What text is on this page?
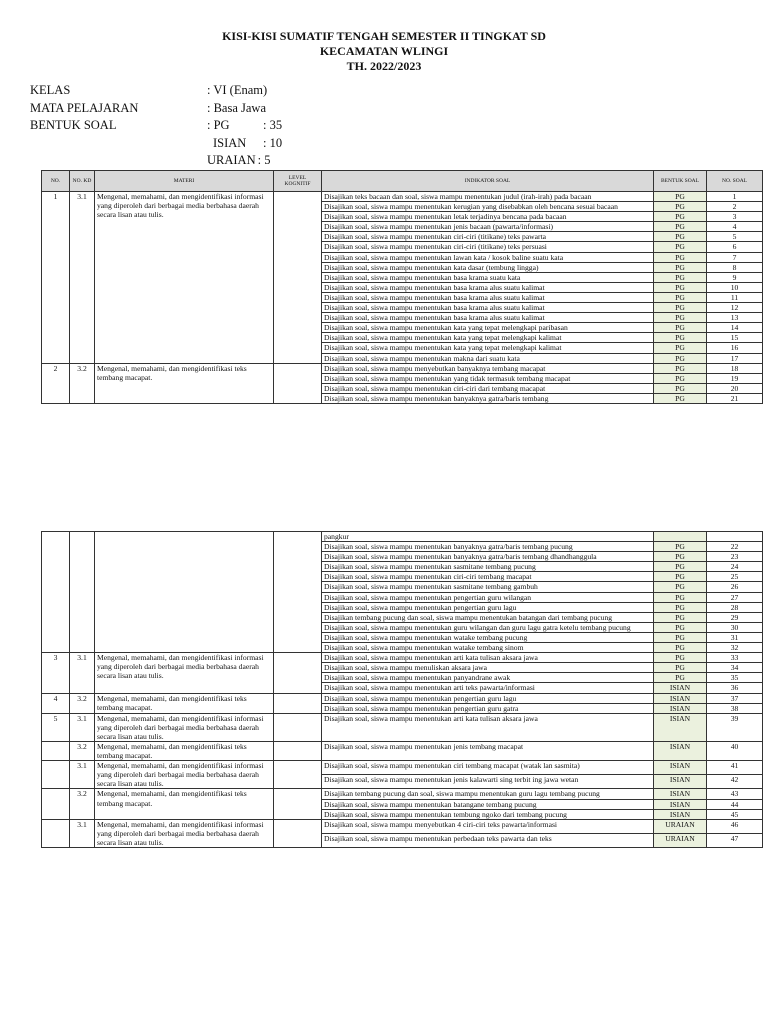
KISI-KISI SUMATIF TENGAH SEMESTER II TINGKAT SD
KECAMATAN WLINGI
TH. 2022/2023
KELAS	: VI (Enam)
MATA PELAJARAN	: Basa Jawa
BENTUK SOAL	: PG	: 35
ISIAN	: 10
URAIAN : 5
NO.	NO. KD	MATERI	LEVEL KOGNITIF	INDIKATOR SOAL	BENTUK SOAL	NO. SOAL
1	3.1	Mengenal, memahami, dan mengidentifikasi informasi yang diperoleh dari berbagai media berbahasa daerah secara lisan atau tulis.		Disajikan teks bacaan dan soal, siswa mampu menentukan judul (irah-irah) pada bacaan	PG	1
				Disajikan soal, siswa mampu menentukan kerugian yang disebabkan oleh bencana sesuai bacaan	PG	2
				Disajikan soal, siswa mampu menentukan letak terjadinya bencana pada bacaan	PG	3
				Disajikan soal, siswa mampu menentukan jenis bacaan (pawarta/informasi)	PG	4
				Disajikan soal, siswa mampu menentukan ciri-ciri (titikane) teks pawarta	PG	5
				Disajikan soal, siswa mampu menentukan ciri-ciri (titikane) teks persuasi	PG	6
				Disajikan soal, siswa mampu menentukan lawan kata / kosok baline suatu kata	PG	7
				Disajikan soal, siswa mampu menentukan kata dasar (tembung lingga)	PG	8
				Disajikan soal, siswa mampu menentukan basa krama suatu kata	PG	9
				Disajikan soal, siswa mampu menentukan basa krama alus suatu kalimat	PG	10
				Disajikan soal, siswa mampu menentukan basa krama alus suatu kalimat	PG	11
				Disajikan soal, siswa mampu menentukan basa krama alus suatu kalimat	PG	12
				Disajikan soal, siswa mampu menentukan basa krama alus suatu kalimat	PG	13
				Disajikan soal, siswa mampu menentukan kata yang tepat melengkapi paribasan	PG	14
				Disajikan soal, siswa mampu menentukan kata yang tepat melengkapi kalimat	PG	15
				Disajikan soal, siswa mampu menentukan kata yang tepat melengkapi kalimat	PG	16
				Disajikan soal, siswa mampu menentukan makna dari suatu kata	PG	17
2	3.2	Mengenal, memahami, dan mengidentifikasi teks tembang macapat.		Disajikan soal, siswa mampu menyebutkan banyaknya tembang macapat	PG	18
				Disajikan soal, siswa mampu menentukan yang tidak termasuk tembang macapat	PG	19
				Disajikan soal, siswa mampu menentukan ciri-ciri dari tembang macapat	PG	20
				Disajikan soal, siswa mampu menentukan banyaknya gatra/baris tembang	PG	21
				pangkur		
				Disajikan soal, siswa mampu menentukan banyaknya gatra/baris tembang pucung	PG	22
				Disajikan soal, siswa mampu menentukan banyaknya gatra/baris tembang dhandhanggula	PG	23
				Disajikan soal, siswa mampu menentukan sasmitane tembang pucung	PG	24
				Disajikan soal, siswa mampu menentukan ciri-ciri tembang macapat	PG	25
				Disajikan soal, siswa mampu menentukan sasmitane tembang gambuh	PG	26
				Disajikan soal, siswa mampu menentukan pengertian guru wilangan	PG	27
				Disajikan soal, siswa mampu menentukan pengertian guru lagu	PG	28
				Disajikan tembang pucung dan soal, siswa mampu menentukan batangan dari tembang pucung	PG	29
				Disajikan soal, siswa mampu menentukan guru wilangan dan guru lagu gatra ketelu tembang pucung	PG	30
				Disajikan soal, siswa mampu menentukan watake tembang pucung	PG	31
				Disajikan soal, siswa mampu menentukan watake tembang sinom	PG	32
3	3.1	Mengenal, memahami, dan mengidentifikasi informasi yang diperoleh dari berbagai media berbahasa daerah secara lisan atau tulis.		Disajikan soal, siswa mampu menentukan arti kata tulisan aksara jawa	PG	33
				Disajikan soal, siswa mampu menuliskan aksara jawa	PG	34
				Disajikan soal, siswa mampu menentukan panyandrane awak	PG	35
				Disajikan soal, siswa mampu menentukan arti teks pawarta/informasi	ISIAN	36
4	3.2	Mengenal, memahami, dan mengidentifikasi teks tembang macapat.		Disajikan soal, siswa mampu menentukan pengertian guru lagu	ISIAN	37
				Disajikan soal, siswa mampu menentukan pengertian guru gatra	ISIAN	38
5	3.1	Mengenal, memahami, dan mengidentifikasi informasi yang diperoleh dari berbagai media berbahasa daerah secara lisan atau tulis.		Disajikan soal, siswa mampu menentukan arti kata tulisan aksara jawa	ISIAN	39
	3.2	Mengenal, memahami, dan mengidentifikasi teks tembang macapat.		Disajikan soal, siswa mampu menentukan jenis tembang macapat	ISIAN	40
	3.1	Mengenal, memahami, dan mengidentifikasi informasi yang diperoleh dari berbagai media berbahasa daerah secara lisan atau tulis.		Disajikan soal, siswa mampu menentukan ciri tembang macapat (watak lan sasmita)	ISIAN	41
				Disajikan soal, siswa mampu menentukan jenis kalawarti sing terbit ing jawa wetan	ISIAN	42
	3.2	Mengenal, memahami, dan mengidentifikasi teks tembang macapat.		Disajikan tembang pucung dan soal, siswa mampu menentukan guru lagu tembang pucung	ISIAN	43
				Disajikan soal, siswa mampu menentukan batangane tembang pucung	ISIAN	44
				Disajikan soal, siswa mampu menentukan tembung ngoko dari tembang pucung	ISIAN	45
	3.1	Mengenal, memahami, dan mengidentifikasi informasi yang diperoleh dari berbagai media berbahasa daerah secara lisan atau tulis.		Disajikan soal, siswa mampu menyebutkan 4 ciri-ciri teks pawarta/informasi	URAIAN	46
				Disajikan soal, siswa mampu menentukan perbedaan teks pawarta dan teks	URAIAN	47
